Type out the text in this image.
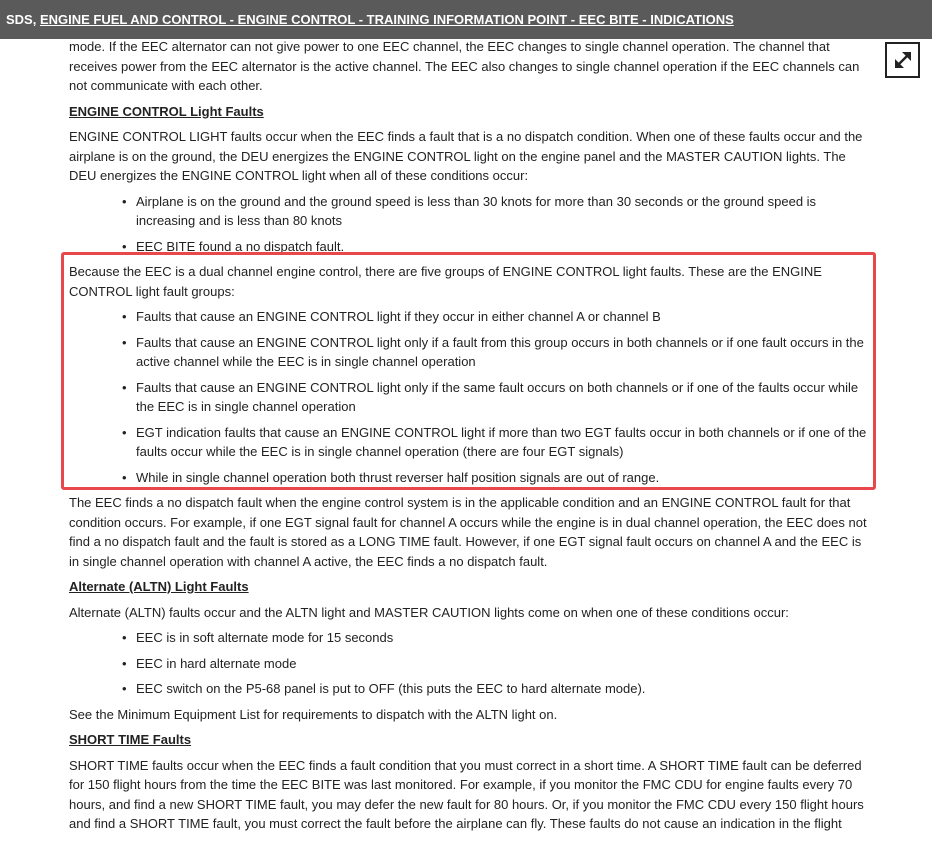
SDS, ENGINE FUEL AND CONTROL - ENGINE CONTROL - TRAINING INFORMATION POINT - EEC BITE - INDICATIONS

mode. If the EEC alternator can not give power to one EEC channel, the EEC changes to single channel operation. The channel that receives power from the EEC alternator is the active channel. The EEC also changes to single channel operation if the EEC channels can not communicate with each other.

ENGINE CONTROL Light Faults

ENGINE CONTROL LIGHT faults occur when the EEC finds a fault that is a no dispatch condition. When one of these faults occur and the airplane is on the ground, the DEU energizes the ENGINE CONTROL light on the engine panel and the MASTER CAUTION lights. The DEU energizes the ENGINE CONTROL light when all of these conditions occur:

• Airplane is on the ground and the ground speed is less than 30 knots for more than 30 seconds or the ground speed is increasing and is less than 80 knots
• EEC BITE found a no dispatch fault.

Because the EEC is a dual channel engine control, there are five groups of ENGINE CONTROL light faults. These are the ENGINE CONTROL light fault groups:

• Faults that cause an ENGINE CONTROL light if they occur in either channel A or channel B
• Faults that cause an ENGINE CONTROL light only if a fault from this group occurs in both channels or if one fault occurs in the active channel while the EEC is in single channel operation
• Faults that cause an ENGINE CONTROL light only if the same fault occurs on both channels or if one of the faults occur while the EEC is in single channel operation
• EGT indication faults that cause an ENGINE CONTROL light if more than two EGT faults occur in both channels or if one of the faults occur while the EEC is in single channel operation (there are four EGT signals)
• While in single channel operation both thrust reverser half position signals are out of range.

The EEC finds a no dispatch fault when the engine control system is in the applicable condition and an ENGINE CONTROL fault for that condition occurs. For example, if one EGT signal fault for channel A occurs while the engine is in dual channel operation, the EEC does not find a no dispatch fault and the fault is stored as a LONG TIME fault. However, if one EGT signal fault occurs on channel A and the EEC is in single channel operation with channel A active, the EEC finds a no dispatch fault.

Alternate (ALTN) Light Faults

Alternate (ALTN) faults occur and the ALTN light and MASTER CAUTION lights come on when one of these conditions occur:

• EEC is in soft alternate mode for 15 seconds
• EEC in hard alternate mode
• EEC switch on the P5-68 panel is put to OFF (this puts the EEC to hard alternate mode).

See the Minimum Equipment List for requirements to dispatch with the ALTN light on.

SHORT TIME Faults

SHORT TIME faults occur when the EEC finds a fault condition that you must correct in a short time. A SHORT TIME fault can be deferred for 150 flight hours from the time the EEC BITE was last monitored. For example, if you monitor the FMC CDU for engine faults every 70 hours, and find a new SHORT TIME fault, you may defer the new fault for 80 hours. Or, if you monitor the FMC CDU every 150 flight hours and find a SHORT TIME fault, you must correct the fault before the airplane can fly. These faults do not cause an indication in the flight
